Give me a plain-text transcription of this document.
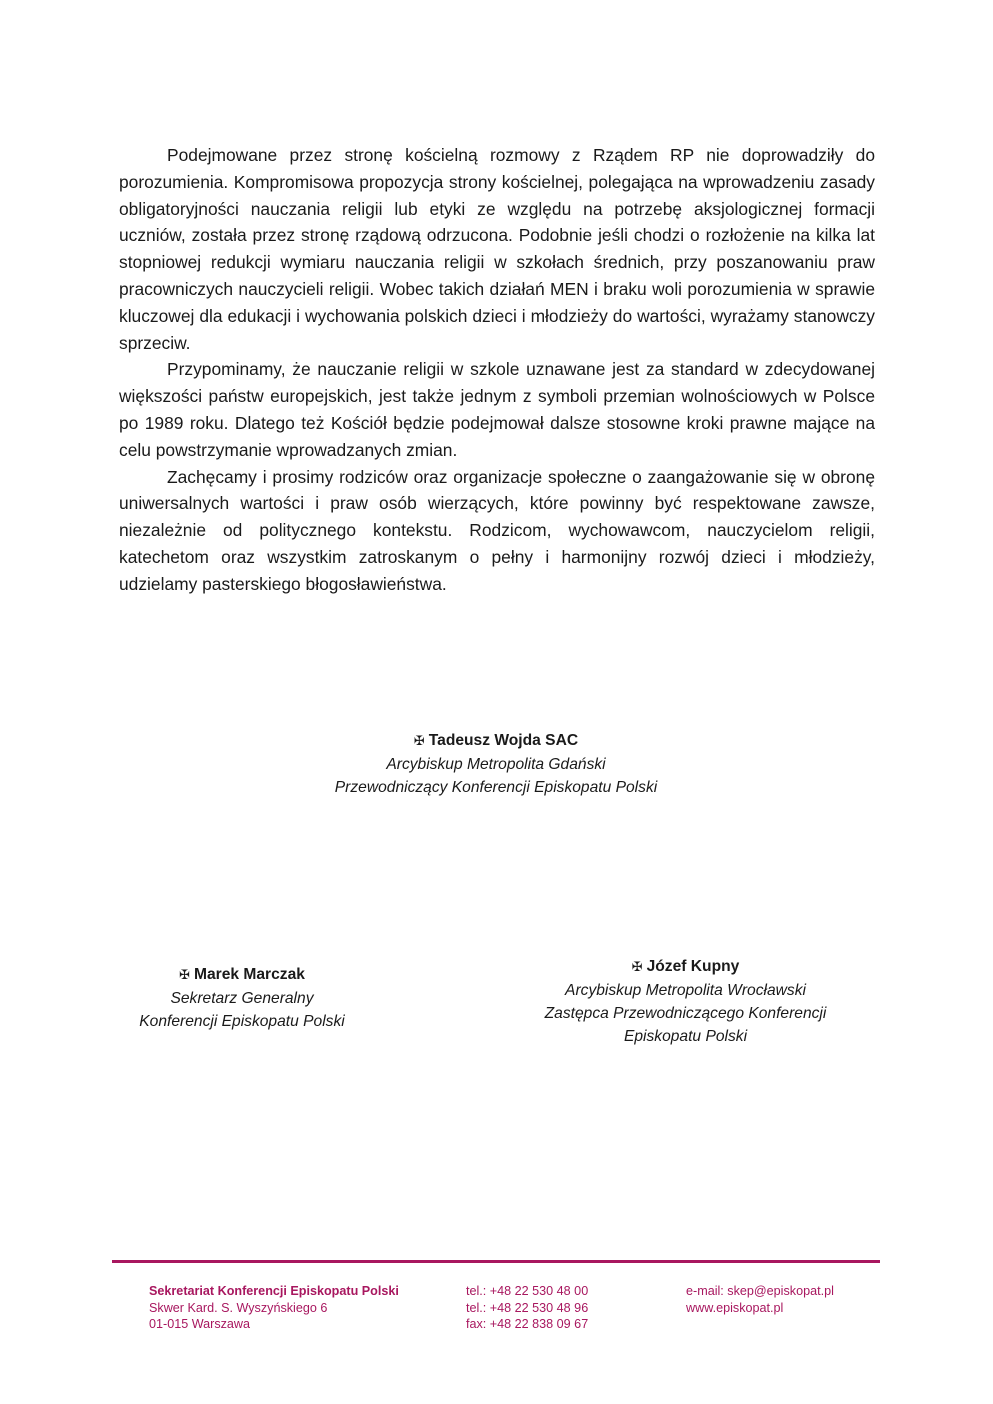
Podejmowane przez stronę kościelną rozmowy z Rządem RP nie doprowadziły do porozumienia. Kompromisowa propozycja strony kościelnej, polegająca na wprowadzeniu zasady obligatoryjności nauczania religii lub etyki ze względu na potrzebę aksjologicznej formacji uczniów, została przez stronę rządową odrzucona. Podobnie jeśli chodzi o rozłożenie na kilka lat stopniowej redukcji wymiaru nauczania religii w szkołach średnich, przy poszanowaniu praw pracowniczych nauczycieli religii. Wobec takich działań MEN i braku woli porozumienia w sprawie kluczowej dla edukacji i wychowania polskich dzieci i młodzieży do wartości, wyrażamy stanowczy sprzeciw.

Przypominamy, że nauczanie religii w szkole uznawane jest za standard w zdecydowanej większości państw europejskich, jest także jednym z symboli przemian wolnościowych w Polsce po 1989 roku. Dlatego też Kościół będzie podejmował dalsze stosowne kroki prawne mające na celu powstrzymanie wprowadzanych zmian.

Zachęcamy i prosimy rodziców oraz organizacje społeczne o zaangażowanie się w obronę uniwersalnych wartości i praw osób wierzących, które powinny być respektowane zawsze, niezależnie od politycznego kontekstu. Rodzicom, wychowawcom, nauczycielom religii, katechetom oraz wszystkim zatroskanym o pełny i harmonijny rozwój dzieci i młodzieży, udzielamy pasterskiego błogosławieństwa.

✠ Tadeusz Wojda SAC
Arcybiskup Metropolita Gdański
Przewodniczący Konferencji Episkopatu Polski
✠ Marek Marczak
Sekretarz Generalny
Konferencji Episkopatu Polski
✠ Józef Kupny
Arcybiskup Metropolita Wrocławski
Zastępca Przewodniczącego Konferencji
Episkopatu Polski
Sekretariat Konferencji Episkopatu Polski
Skwer Kard. S. Wyszyńskiego 6
01-015 Warszawa
tel.: +48 22 530 48 00
tel.: +48 22 530 48 96
fax: +48 22 838 09 67
e-mail: skep@episkopat.pl
www.episkopat.pl
